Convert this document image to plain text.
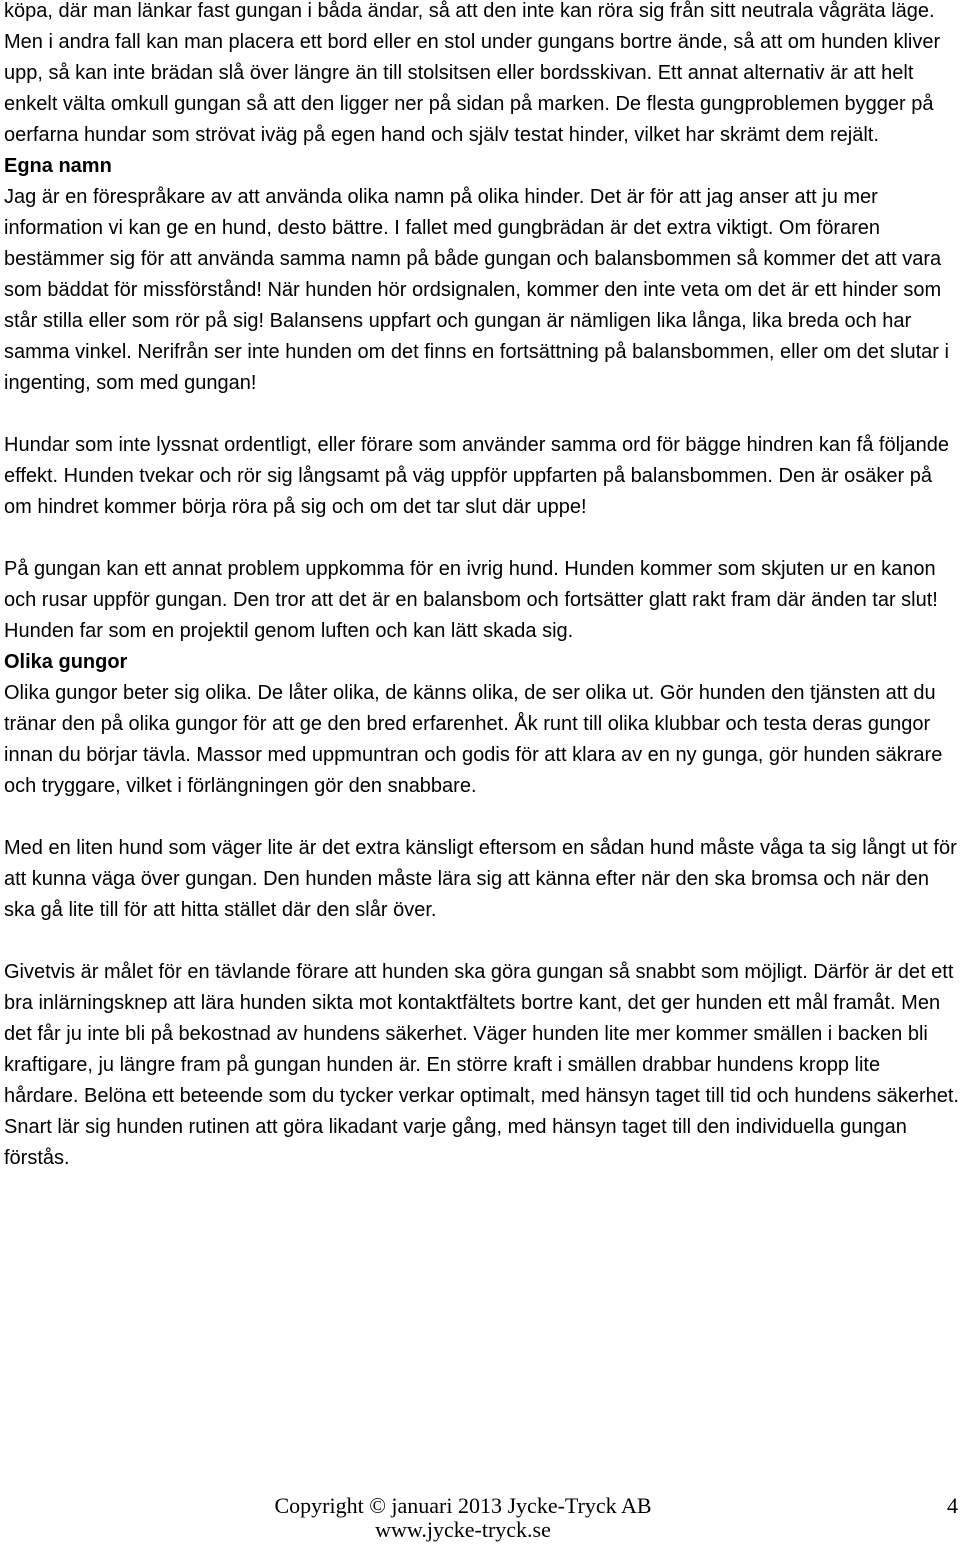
köpa, där man länkar fast gungan i båda ändar, så att den inte kan röra sig från sitt neutrala vågräta läge. Men i andra fall kan man placera ett bord eller en stol under gungans bortre ände, så att om hunden kliver upp, så kan inte brädan slå över längre än till stolsitsen eller bordsskivan. Ett annat alternativ är att helt enkelt välta omkull gungan så att den ligger ner på sidan på marken. De flesta gungproblemen bygger på oerfarna hundar som strövat iväg på egen hand och själv testat hinder, vilket har skrämt dem rejält.

Egna namn

Jag är en förespråkare av att använda olika namn på olika hinder. Det är för att jag anser att ju mer information vi kan ge en hund, desto bättre. I fallet med gungbrädan är det extra viktigt. Om föraren bestämmer sig för att använda samma namn på både gungan och balansbommen så kommer det att vara som bäddat för missförstånd! När hunden hör ordsignalen, kommer den inte veta om det är ett hinder som står stilla eller som rör på sig! Balansens uppfart och gungan är nämligen lika långa, lika breda och har samma vinkel. Nerifrån ser inte hunden om det finns en fortsättning på balansbommen, eller om det slutar i ingenting, som med gungan!

Hundar som inte lyssnat ordentligt, eller förare som använder samma ord för bägge hindren kan få följande effekt. Hunden tvekar och rör sig långsamt på väg uppför uppfarten på balansbommen. Den är osäker på om hindret kommer börja röra på sig och om det tar slut där uppe!

På gungan kan ett annat problem uppkomma för en ivrig hund. Hunden kommer som skjuten ur en kanon och rusar uppför gungan. Den tror att det är en balansbom och fortsätter glatt rakt fram där änden tar slut! Hunden far som en projektil genom luften och kan lätt skada sig.

Olika gungor

Olika gungor beter sig olika. De låter olika, de känns olika, de ser olika ut. Gör hunden den tjänsten att du tränar den på olika gungor för att ge den bred erfarenhet. Åk runt till olika klubbar och testa deras gungor innan du börjar tävla. Massor med uppmuntran och godis för att klara av en ny gunga, gör hunden säkrare och tryggare, vilket i förlängningen gör den snabbare.

Med en liten hund som väger lite är det extra känsligt eftersom en sådan hund måste våga ta sig långt ut för att kunna väga över gungan. Den hunden måste lära sig att känna efter när den ska bromsa och när den ska gå lite till för att hitta stället där den slår över.

Givetvis är målet för en tävlande förare att hunden ska göra gungan så snabbt som möjligt. Därför är det ett bra inlärningsknep att lära hunden sikta mot kontaktfältets bortre kant, det ger hunden ett mål framåt. Men det får ju inte bli på bekostnad av hundens säkerhet. Väger hunden lite mer kommer smällen i backen bli kraftigare, ju längre fram på gungan hunden är. En större kraft i smällen drabbar hundens kropp lite hårdare. Belöna ett beteende som du tycker verkar optimalt, med hänsyn taget till tid och hundens säkerhet. Snart lär sig hunden rutinen att göra likadant varje gång, med hänsyn taget till den individuella gungan förstås.

Copyright © januari 2013 Jycke-Tryck AB
www.jycke-tryck.se
4
